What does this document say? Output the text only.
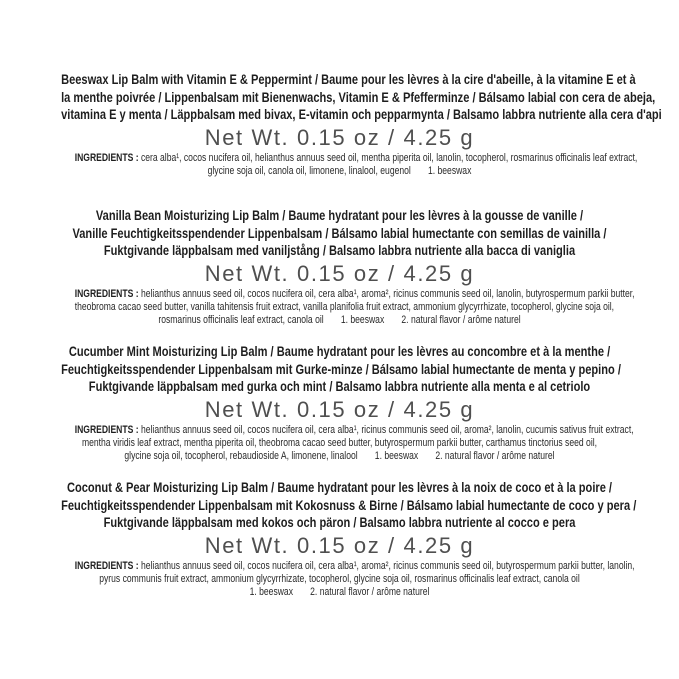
Beeswax Lip Balm with Vitamin E & Peppermint / Baume pour les lèvres à la cire d'abeille, à la vitamine E et à
la menthe poivrée / Lippenbalsam mit Bienenwachs, Vitamin E & Pfefferminze / Bálsamo labial con cera de abeja,
vitamina E y menta / Läppbalsam med bivax, E-vitamin och pepparmynta / Balsamo labbra nutriente alla cera d'api
Net Wt. 0.15 oz / 4.25 g
INGREDIENTS : cera alba¹, cocos nucifera oil, helianthus annuus seed oil, mentha piperita oil, lanolin, tocopherol, rosmarinus officinalis leaf extract,
glycine soja oil, canola oil, limonene, linalool, eugenol  1. beeswax
Vanilla Bean Moisturizing Lip Balm / Baume hydratant pour les lèvres à la gousse de vanille /
Vanille Feuchtigkeitsspendender Lippenbalsam / Bálsamo labial humectante con semillas de vainilla /
Fuktgivande läppbalsam med vaniljstång / Balsamo labbra nutriente alla bacca di vaniglia
Net Wt. 0.15 oz / 4.25 g
INGREDIENTS : helianthus annuus seed oil, cocos nucifera oil, cera alba¹, aroma², ricinus communis seed oil, lanolin, butyrospermum parkii butter,
theobroma cacao seed butter, vanilla tahitensis fruit extract, vanilla planifolia fruit extract, ammonium glycyrrhizate, tocopherol, glycine soja oil,
rosmarinus officinalis leaf extract, canola oil  1. beeswax  2. natural flavor / arôme naturel
Cucumber Mint Moisturizing Lip Balm / Baume hydratant pour les lèvres au concombre et à la menthe /
Feuchtigkeitsspendender Lippenbalsam mit Gurke-minze / Bálsamo labial humectante de menta y pepino /
Fuktgivande läppbalsam med gurka och mint / Balsamo labbra nutriente alla menta e al cetriolo
Net Wt. 0.15 oz / 4.25 g
INGREDIENTS : helianthus annuus seed oil, cocos nucifera oil, cera alba¹, ricinus communis seed oil, aroma², lanolin, cucumis sativus fruit extract,
mentha viridis leaf extract, mentha piperita oil, theobroma cacao seed butter, butyrospermum parkii butter, carthamus tinctorius seed oil,
glycine soja oil, tocopherol, rebaudioside A, limonene, linalool  1. beeswax  2. natural flavor / arôme naturel
Coconut & Pear Moisturizing Lip Balm / Baume hydratant pour les lèvres à la noix de coco et à la poire /
Feuchtigkeitsspendender Lippenbalsam mit Kokosnuss & Birne / Bálsamo labial humectante de coco y pera /
Fuktgivande läppbalsam med kokos och päron / Balsamo labbra nutriente al cocco e pera
Net Wt. 0.15 oz / 4.25 g
INGREDIENTS : helianthus annuus seed oil, cocos nucifera oil, cera alba¹, aroma², ricinus communis seed oil, butyrospermum parkii butter, lanolin,
pyrus communis fruit extract, ammonium glycyrrhizate, tocopherol, glycine soja oil, rosmarinus officinalis leaf extract, canola oil
1. beeswax  2. natural flavor / arôme naturel
